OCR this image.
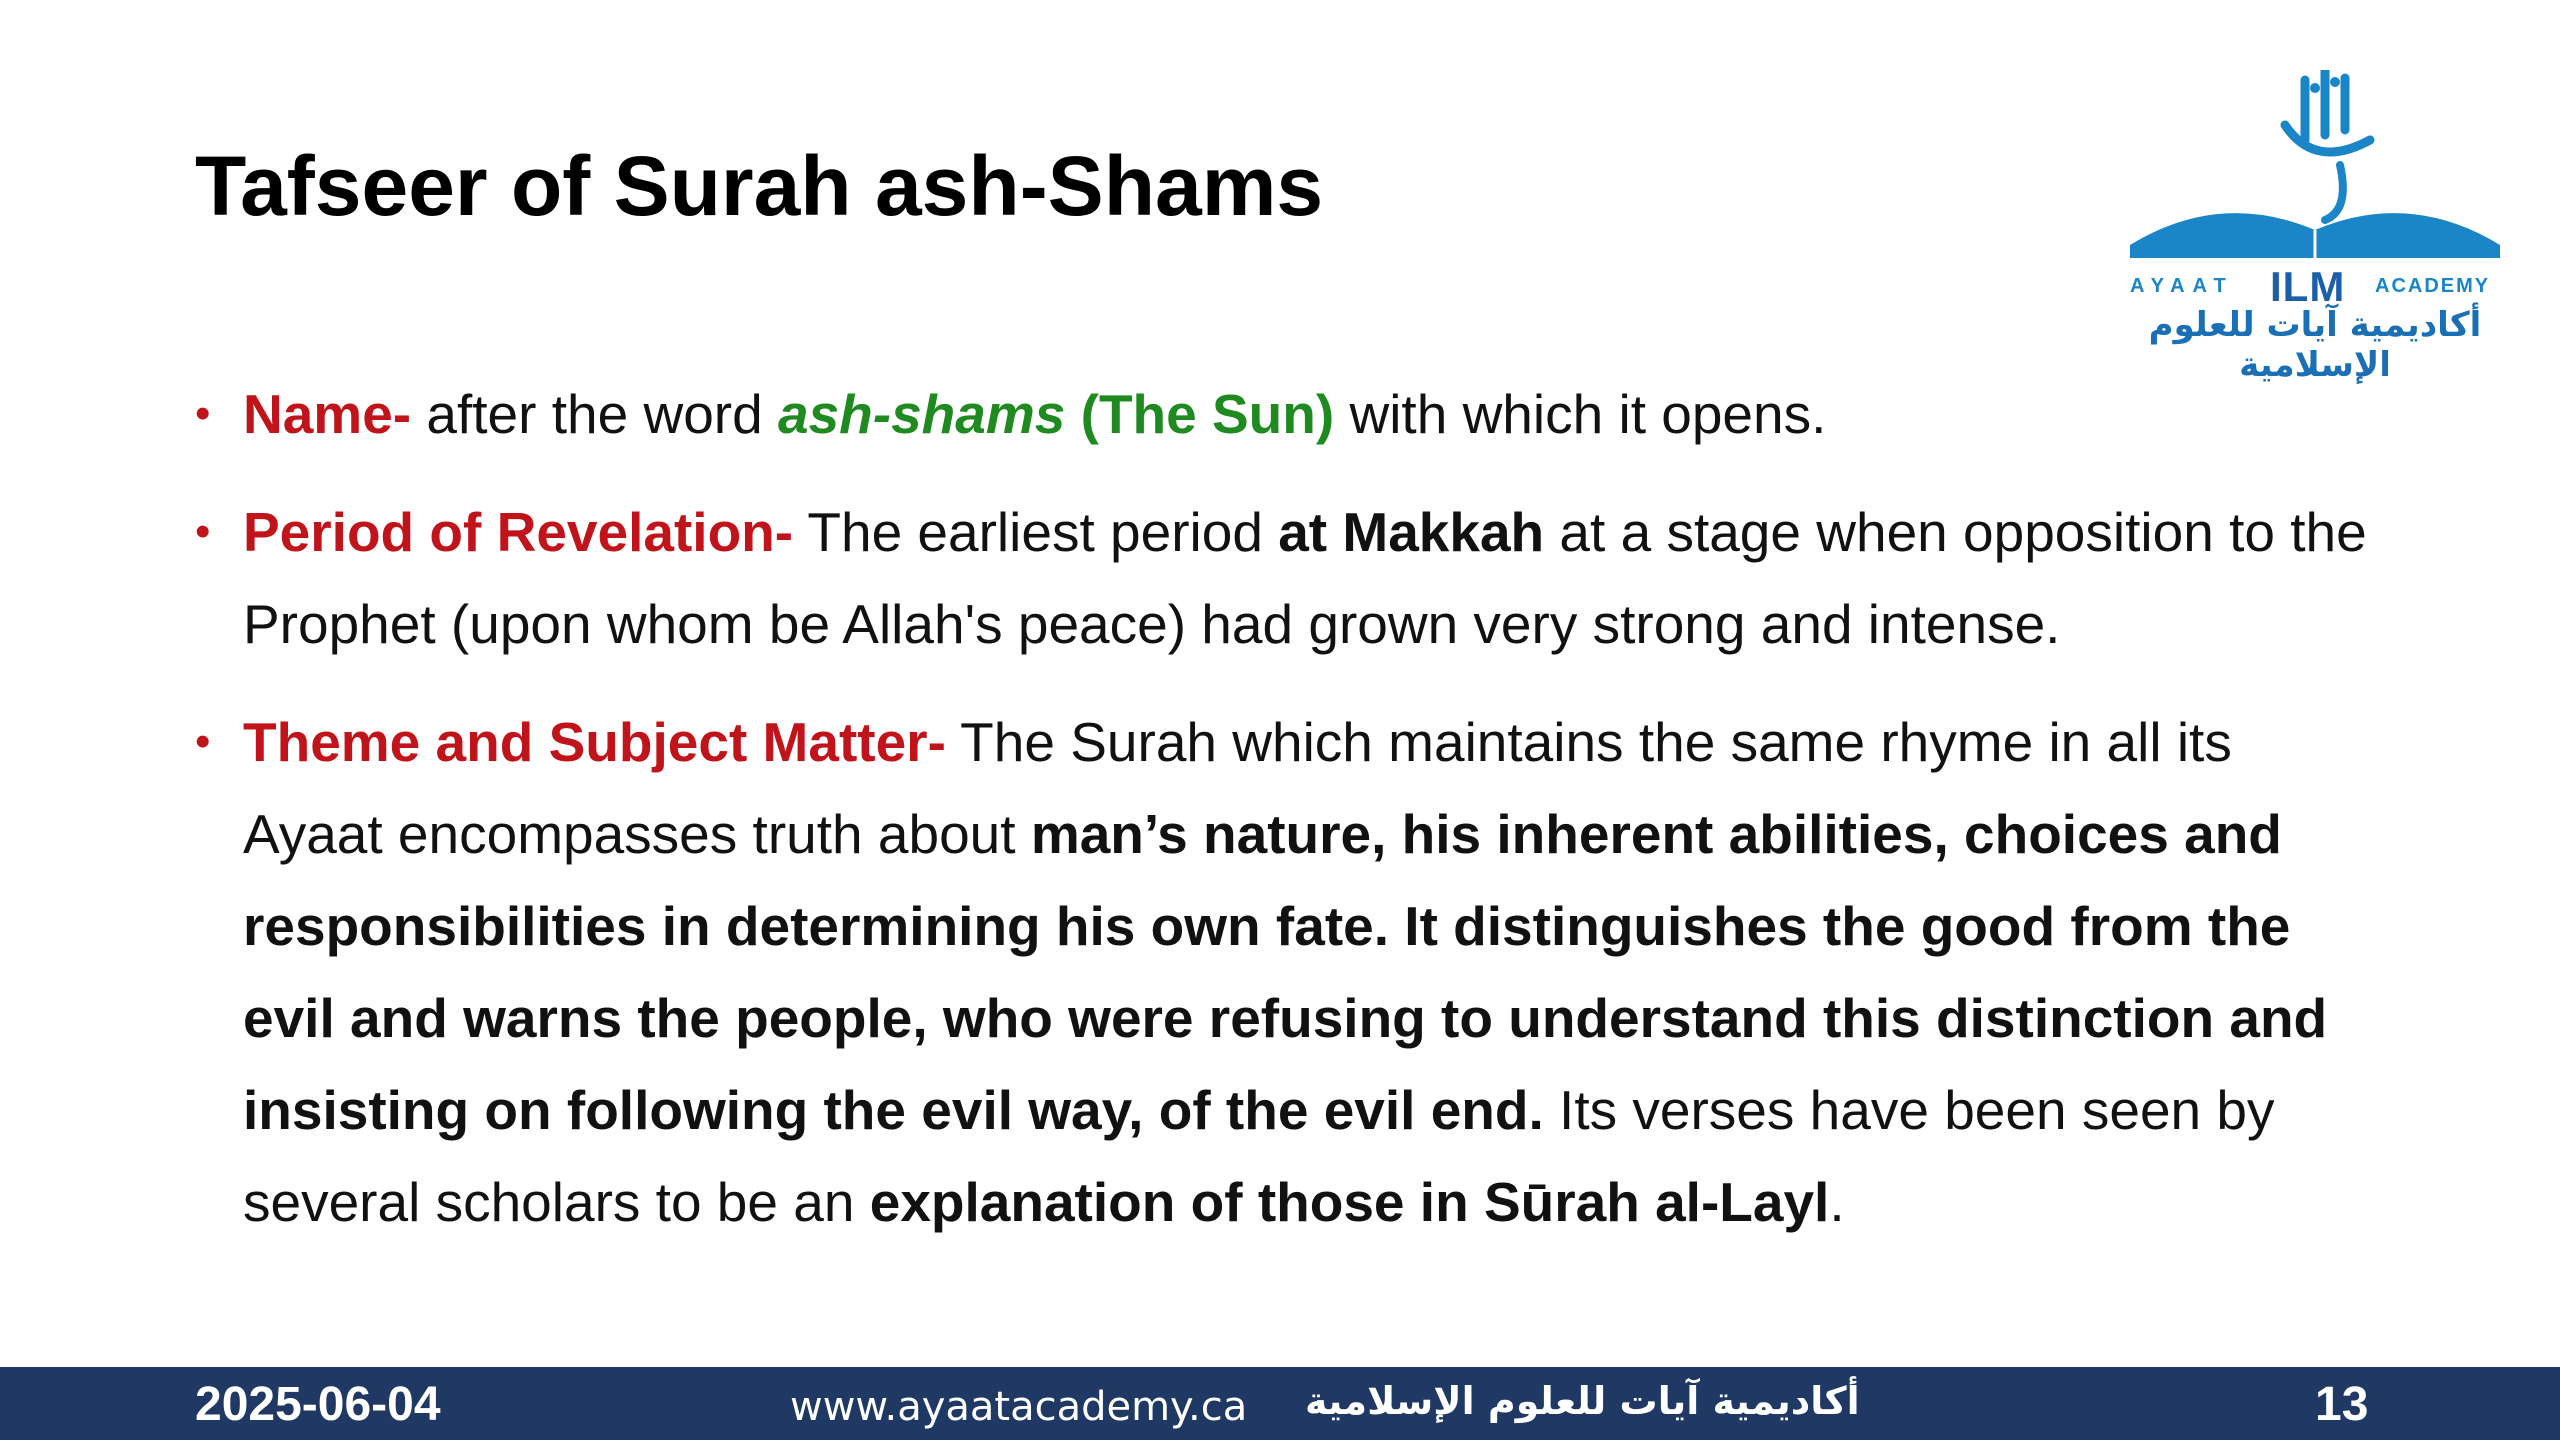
Tafseer of Surah ash-Shams
AYAAT ILM ACADEMY
أكاديمية آيات للعلوم الإسلامية
• Name- after the word ash-shams (The Sun) with which it opens.
• Period of Revelation- The earliest period at Makkah at a stage when opposition to the Prophet (upon whom be Allah's peace) had grown very strong and intense.
• Theme and Subject Matter- The Surah which maintains the same rhyme in all its Ayaat encompasses truth about man’s nature, his inherent abilities, choices and responsibilities in determining his own fate. It distinguishes the good from the evil and warns the people, who were refusing to understand this distinction and insisting on following the evil way, of the evil end. Its verses have been seen by several scholars to be an explanation of those in Sūrah al-Layl.
2025-06-04	www.ayaatacademy.ca أكاديمية آيات للعلوم الإسلامية	13
